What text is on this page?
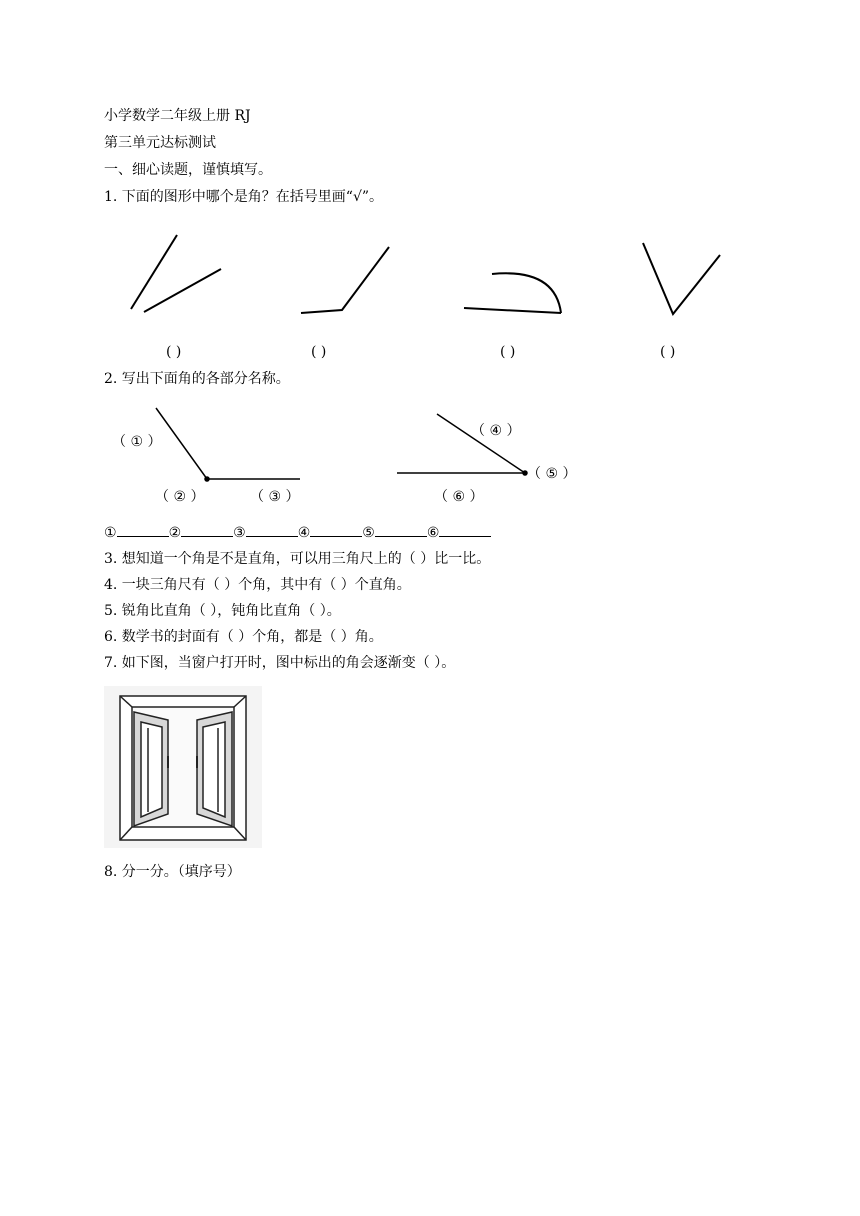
小学数学二年级上册 RJ
第三单元达标测试
一、细心读题，谨慎填写。
1. 下面的图形中哪个是角？在括号里画“√”。
( )	( )	( )	( )
2. 写出下面角的各部分名称。
（ ① ）
（ ② ）	（ ③ ）
（ ④ ）
（ ⑤ ）
（ ⑥ ）
①	②	③	④	⑤	⑥
3. 想知道一个角是不是直角，可以用三角尺上的（ ）比一比。
4. 一块三角尺有（ ）个角，其中有（ ）个直角。
5. 锐角比直角（ ），钝角比直角（ ）。
6. 数学书的封面有（ ）个角，都是（ ）角。
7. 如下图，当窗户打开时，图中标出的角会逐渐变（ ）。
8. 分一分。（填序号）
